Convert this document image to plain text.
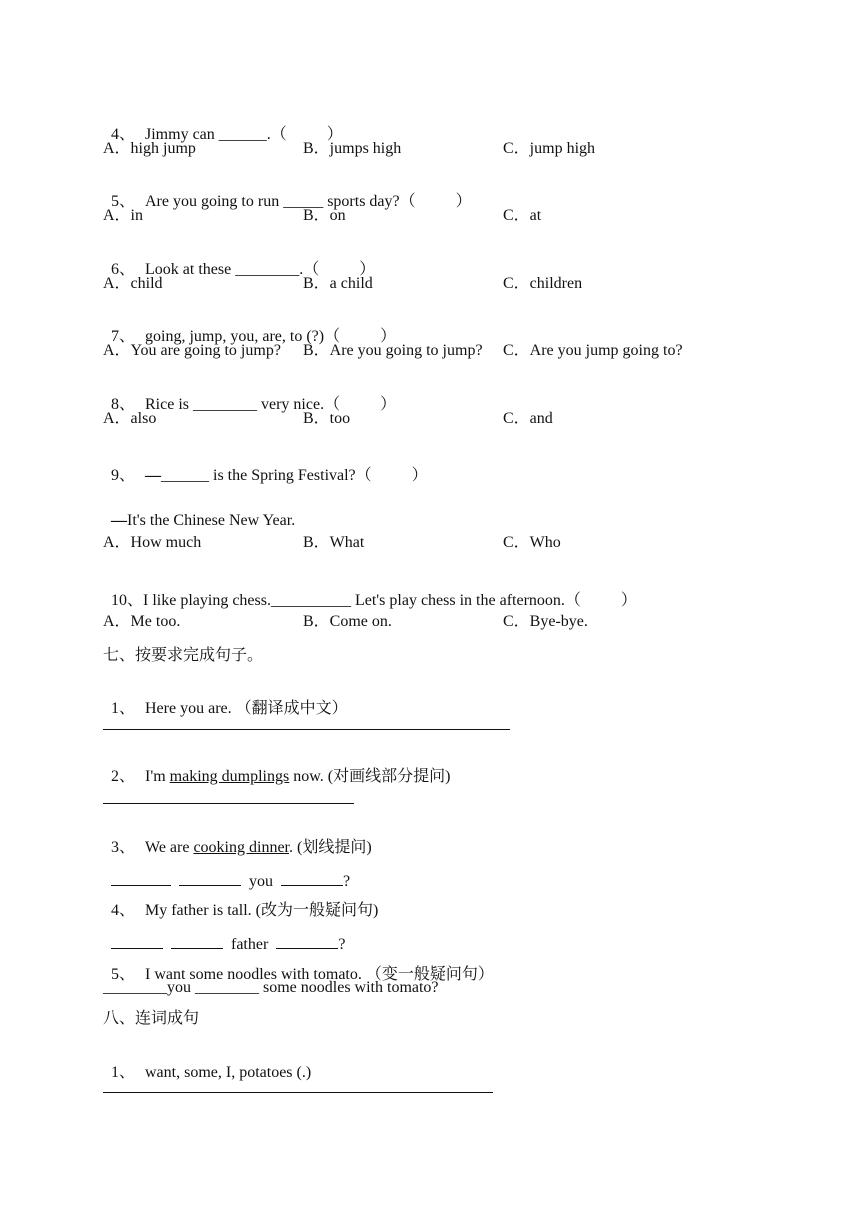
4、 Jimmy can ______.（          ）

A．high jump	B．jumps high	C．jump high

5、 Are you going to run _____ sports day?（          ）

A．in	B．on	C．at

6、 Look at these ________.（          ）

A．child	B．a child	C．children

7、 going, jump, you, are, to (?)（          ）

A．You are going to jump? B．Are you going to jump? C．Are you jump going to?

8、 Rice is ________ very nice.（          ）

A．also	B．too	C．and

9、 —______ is the Spring Festival?（          ）

—It's the Chinese New Year.

A．How much	B．What	C．Who

10、I like playing chess.__________ Let's play chess in the afternoon.（          ）

A．Me too.	B．Come on.	C．Bye-bye.
七、按要求完成句子。

1、 Here you are. （翻译成中文）

2、 I'm making dumplings now. (对画线部分提问)

3、 We are cooking dinner. (划线提问)

you	?

4、 My father is tall. (改为一般疑问句)

father	?

5、 I want some noodles with tomato. （变一般疑问句）

________you ________ some noodles with tomato?
八、连词成句

1、 want, some, I, potatoes (.)
